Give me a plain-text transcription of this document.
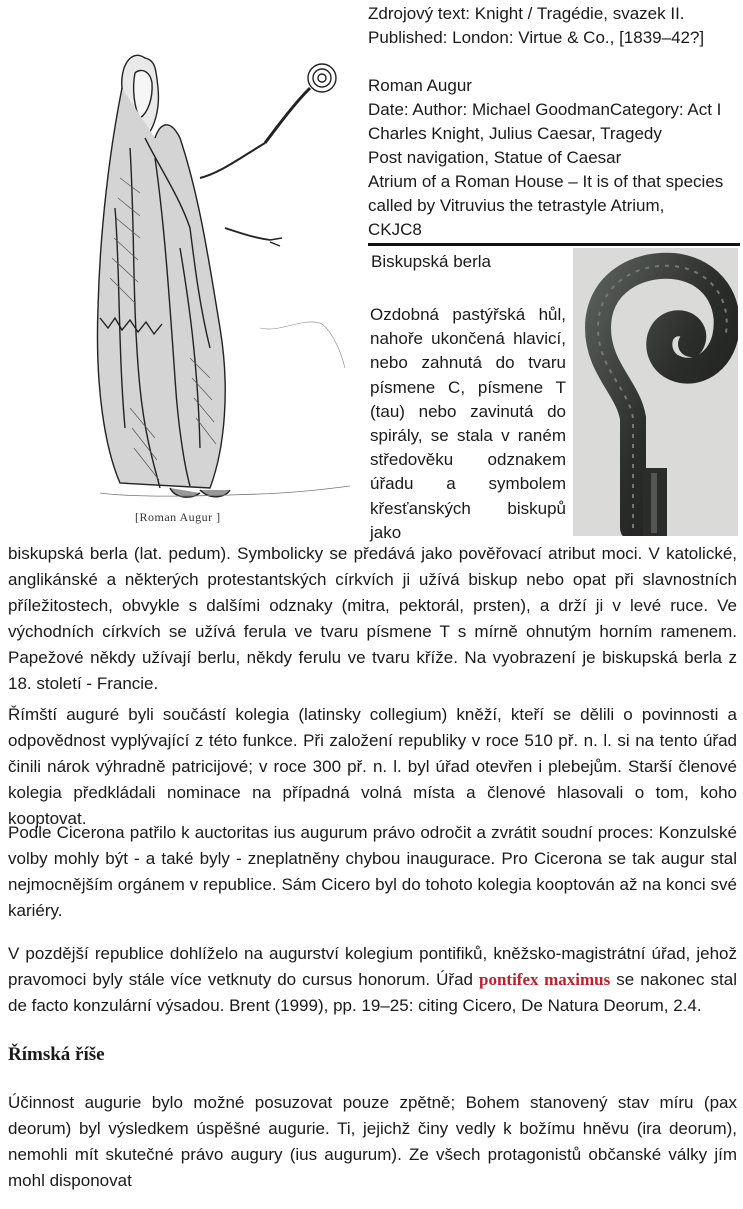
[Roman Augur ]
Zdrojový text: Knight / Tragédie, svazek II.
Published: London: Virtue & Co., [1839–42?]
Roman Augur
Date: Author: Michael GoodmanCategory: Act I
Charles Knight, Julius Caesar, Tragedy
Post navigation, Statue of Caesar
Atrium of a Roman House – It is of that species
called by Vitruvius the tetrastyle Atrium,
CKJC8
Biskupská berla
Ozdobná pastýřská hůl, nahoře ukončená hlavicí, nebo zahnutá do tvaru písmene C, písmene T (tau) nebo zavinutá do spirály, se stala v raném středověku odznakem úřadu a symbolem křesťanských biskupů jako
biskupská berla (lat. pedum). Symbolicky se předává jako pověřovací atribut moci. V katolické, anglikánské a některých protestantských církvích ji užívá biskup nebo opat při slavnostních příležitostech, obvykle s dalšími odznaky (mitra, pektorál, prsten), a drží ji v levé ruce. Ve východních církvích se užívá ferula ve tvaru písmene T s mírně ohnutým horním ramenem. Papežové někdy užívají berlu, někdy ferulu ve tvaru kříže. Na vyobrazení je biskupská berla z 18. století - Francie.
Římští auguré byli součástí kolegia (latinsky collegium) kněží, kteří se dělili o povinnosti a odpovědnost vyplývající z této funkce. Při založení republiky v roce 510 př. n. l. si na tento úřad činili nárok výhradně patricijové; v roce 300 př. n. l. byl úřad otevřen i plebejům. Starší členové kolegia předkládali nominace na případná volná místa a členové hlasovali o tom, koho kooptovat.
Podle Cicerona patřilo k auctoritas ius augurum právo odročit a zvrátit soudní proces: Konzulské volby mohly být - a také byly - zneplatněny chybou inaugurace. Pro Cicerona se tak augur stal nejmocnějším orgánem v republice. Sám Cicero byl do tohoto kolegia kooptován až na konci své kariéry.
V pozdější republice dohlíželo na augurství kolegium pontifiků, kněžsko-magistrátní úřad, jehož pravomoci byly stále více vetknuty do cursus honorum. Úřad pontifex maximus se nakonec stal de facto konzulární výsadou. Brent (1999), pp. 19–25: citing Cicero, De Natura Deorum, 2.4.
Římská říše
Účinnost augurie bylo možné posuzovat pouze zpětně; Bohem stanovený stav míru (pax deorum) byl výsledkem úspěšné augurie. Ti, jejichž činy vedly k božímu hněvu (ira deorum), nemohli mít skutečné právo augury (ius augurum). Ze všech protagonistů občanské války jím mohl disponovat
